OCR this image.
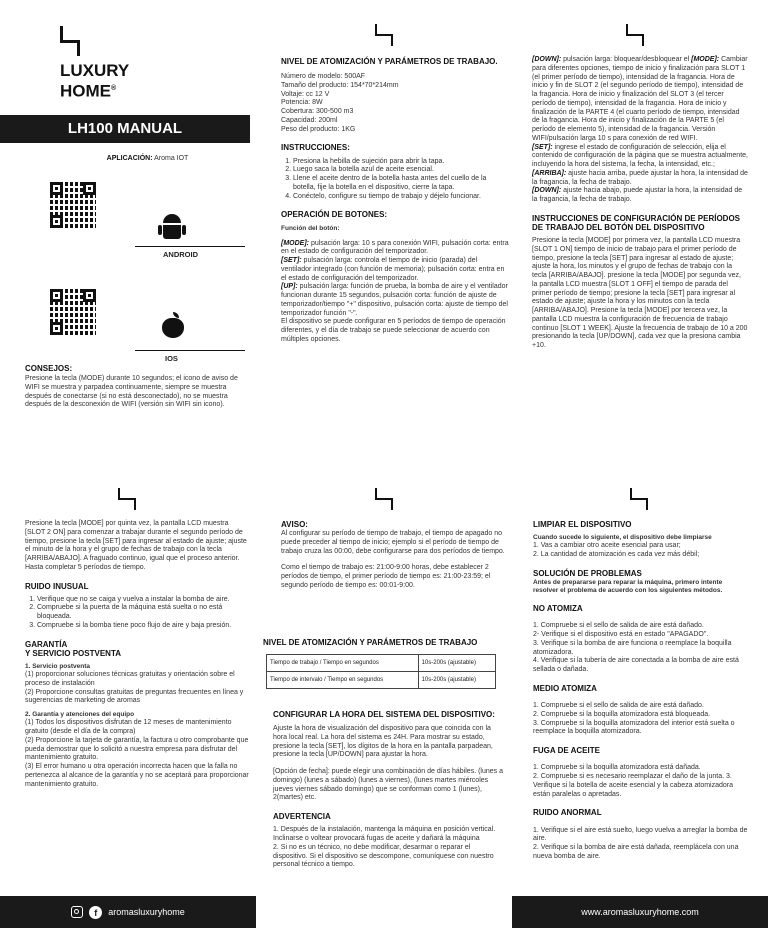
LUXURY
HOME®
LH100 MANUAL
APLICACIÓN: Aroma IOT
ANDROID
IOS
CONSEJOS:
Presione la tecla (MODE) durante 10 segundos; el icono de aviso de WIFI se muestra y parpadea continuamente, siempre se muestra después de conectarse (si no está desconectado), no se muestra después de la desconexión de WIFI (versión sin WIFI sin icono).
NIVEL DE ATOMIZACIÓN Y PARÁMETROS DE TRABAJO.
Número de modelo: 500AF
Tamaño del producto: 154*70*214mm
Voltaje: cc 12 V
Potencia: 8W
Cobertura: 300-500 m3
Capacidad: 200ml
Peso del producto: 1KG
INSTRUCCIONES:
1. Presiona la hebilla de sujeción para abrir la tapa.
2. Luego saca la botella azul de aceite esencial.
3. Llene el aceite dentro de la botella hasta antes del cuello de la botella, fije la botella en el dispositivo, cierre la tapa.
4. Conéctelo, configure su tiempo de trabajo y déjelo funcionar.
OPERACIÓN DE BOTONES:
Función del botón:
[MODE]: pulsación larga: 10 s para conexión WIFI, pulsación corta: entra en el estado de configuración del temporizador.
[SET]: pulsación larga: controla el tiempo de inicio (parada) del ventilador integrado (con función de memoria); pulsación corta: entra en el estado de configuración del temporizador.
[UP]: pulsación larga: función de prueba, la bomba de aire y el ventilador funcionan durante 15 segundos, pulsación corta: función de ajuste de temporizador/tiempo "+" dispositivo, pulsación corta: ajuste de tiempo del temporizador función "-".
El dispositivo se puede configurar en 5 períodos de tiempo de operación diferentes, y el día de trabajo se puede seleccionar de acuerdo con múltiples opciones.
[DOWN]: pulsación larga: bloquear/desbloquear el [MODE]: Cambiar para diferentes opciones, tiempo de inicio y finalización para SLOT 1 (el primer período de tiempo), intensidad de la fragancia. Hora de inicio y fin de SLOT 2 (el segundo período de tiempo), intensidad de la fragancia. Hora de inicio y finalización del SLOT 3 (el tercer período de tiempo), intensidad de la fragancia. Hora de inicio y finalización de la PARTE 4 (el cuarto período de tiempo, intensidad de la fragancia. Hora de inicio y finalización de la PARTE 5 (el período de elemento 5), intensidad de la fragancia. Versión WIFI/pulsación larga 10 s para conexión de red WIFI.
[SET]: ingrese el estado de configuración de selección, elija el contenido de configuración de la página que se muestra actualmente, incluyendo la hora del sistema, la fecha, la intensidad, etc.;
[ARRIBA]: ajuste hacia arriba, puede ajustar la hora, la intensidad de la fragancia, la fecha de trabajo.
[DOWN]: ajuste hacia abajo, puede ajustar la hora, la intensidad de la fragancia, la fecha de trabajo.
INSTRUCCIONES DE CONFIGURACIÓN DE PERÍODOS DE TRABAJO DEL BOTÓN DEL DISPOSITIVO
Presione la tecla [MODE] por primera vez, la pantalla LCD muestra [SLOT 1 ON] tiempo de inicio de trabajo para el primer período de tiempo, presione la tecla [SET] para ingresar al estado de ajuste; ajuste la hora, los minutos y el grupo de fechas de trabajo con la tecla [ARRIBA/ABAJO]. presione la tecla [MODE] por segunda vez, la pantalla LCD muestra [SLOT 1 OFF] el tiempo de parada del primer período de tiempo; presione la tecla [SET] para ingresar al estado de ajuste; ajuste la hora y los minutos con la tecla [ARRIBA/ABAJO]. Presione la tecla [MODE] por tercera vez, la pantalla LCD muestra la configuración de frecuencia de trabajo continuo [SLOT 1 WEEK]. Ajuste la frecuencia de trabajo de 10 a 200 presionando la tecla [UP/DOWN], cada vez que la presiona cambia +10.
Presione la tecla [MODE] por quinta vez, la pantalla LCD muestra [SLOT 2 ON] para comenzar a trabajar durante el segundo período de tiempo, presione la tecla [SET] para ingresar al estado de ajuste; ajuste el minuto de la hora y el grupo de fechas de trabajo con la tecla [ARRIBA/ABAJO]. A fraguado continuo, igual que el proceso anterior. Hasta completar 5 períodos de tiempo.
RUIDO INUSUAL
1. Verifique que no se caiga y vuelva a instalar la bomba de aire.
2. Compruebe si la puerta de la máquina está suelta o no está bloqueada.
3. Compruebe si la bomba tiene poco flujo de aire y baja presión.
GARANTÍA
Y SERVICIO POSTVENTA
1. Servicio postventa
(1) proporcionar soluciones técnicas gratuitas y orientación sobre el proceso de instalación
(2) Proporcione consultas gratuitas de preguntas frecuentes en línea y sugerencias de marketing de aromas
2. Garantía y atenciones del equipo
(1) Todos los dispositivos disfrutan de 12 meses de mantenimiento gratuito (desde el día de la compra)
(2) Proporcione la tarjeta de garantía, la factura u otro comprobante que pueda demostrar que lo solicitó a nuestra empresa para disfrutar del mantenimiento gratuito.
(3) El error humano u otra operación incorrecta hacen que la falla no pertenezca al alcance de la garantía y no se aceptará para proporcionar mantenimiento gratuito.
AVISO:
Al configurar su período de tiempo de trabajo, el tiempo de apagado no puede preceder al tiempo de inicio; ejemplo si el período de tiempo de trabajo cruza las 00:00, debe configurarse para dos períodos de tiempo.
Como el tiempo de trabajo es: 21:00-9:00 horas, debe establecer 2 períodos de tiempo, el primer período de tiempo es: 21:00-23:59; el segundo período de tiempo es: 00:01-9:00.
NIVEL DE ATOMIZACIÓN Y PARÁMETROS DE TRABAJO
Tiempo de trabajo / Tiempo en segundos	10s-200s (ajustable)
Tiempo de intervalo / Tiempo en segundos	10s-200s (ajustable)
CONFIGURAR LA HORA DEL SISTEMA DEL DISPOSITIVO:
Ajuste la hora de visualización del dispositivo para que coincida con la hora local real. La hora del sistema es 24H. Para mostrar su estado, presione la tecla [SET], los dígitos de la hora en la pantalla parpadean, presione la tecla [UP/DOWN] para ajustar la hora.
[Opción de fecha]: puede elegir una combinación de días hábiles. (lunes a domingo) (lunes a sábado) (lunes a viernes), (lunes martes miércoles jueves viernes sábado domingo) que se conforman como 1 (lunes), 2(martes) etc.
ADVERTENCIA
1. Después de la instalación, mantenga la máquina en posición vertical. Inclinarse o voltear provocará fugas de aceite y dañará la máquina
2. Si no es un técnico, no debe modificar, desarmar o reparar el dispositivo. Si el dispositivo se descompone, comuníquese con nuestro personal técnico a tiempo.
LIMPIAR EL DISPOSITIVO
Cuando sucede lo siguiente, el dispositivo debe limpiarse
1. Vas a cambiar otro aceite esencial para usar;
2. La cantidad de atomización es cada vez más débil;
SOLUCIÓN DE PROBLEMAS
Antes de prepararse para reparar la máquina, primero intente resolver el problema de acuerdo con los siguientes métodos.
NO ATOMIZA
1. Compruebe si el sello de salida de aire está dañado.
2- Verifique si el dispositivo está en estado "APAGADO".
3. Verifique si la bomba de aire funciona o reemplace la boquilla atomizadora.
4. Verifique si la tubería de aire conectada a la bomba de aire está sellada o dañada.
MEDIO ATOMIZA
1. Compruebe si el sello de salida de aire está dañado.
2. Compruebe si la boquilla atomizadora está bloqueada.
3. Compruebe si la boquilla atomizadora del interior está suelta o reemplace la boquilla atomizadora.
FUGA DE ACEITE
1. Compruebe si la boquilla atomizadora está dañada.
2. Compruebe si es necesario reemplazar el daño de la junta. 3. Verifique si la botella de aceite esencial y la cabeza atomizadora están paralelas o apretadas.
RUIDO ANORMAL
1. Verifique si el aire está suelto, luego vuelva a arreglar la bomba de aire.
2. Verifique si la bomba de aire está dañada, reemplácela con una nueva bomba de aire.
f	aromasluxuryhome	www.aromasluxuryhome.com
